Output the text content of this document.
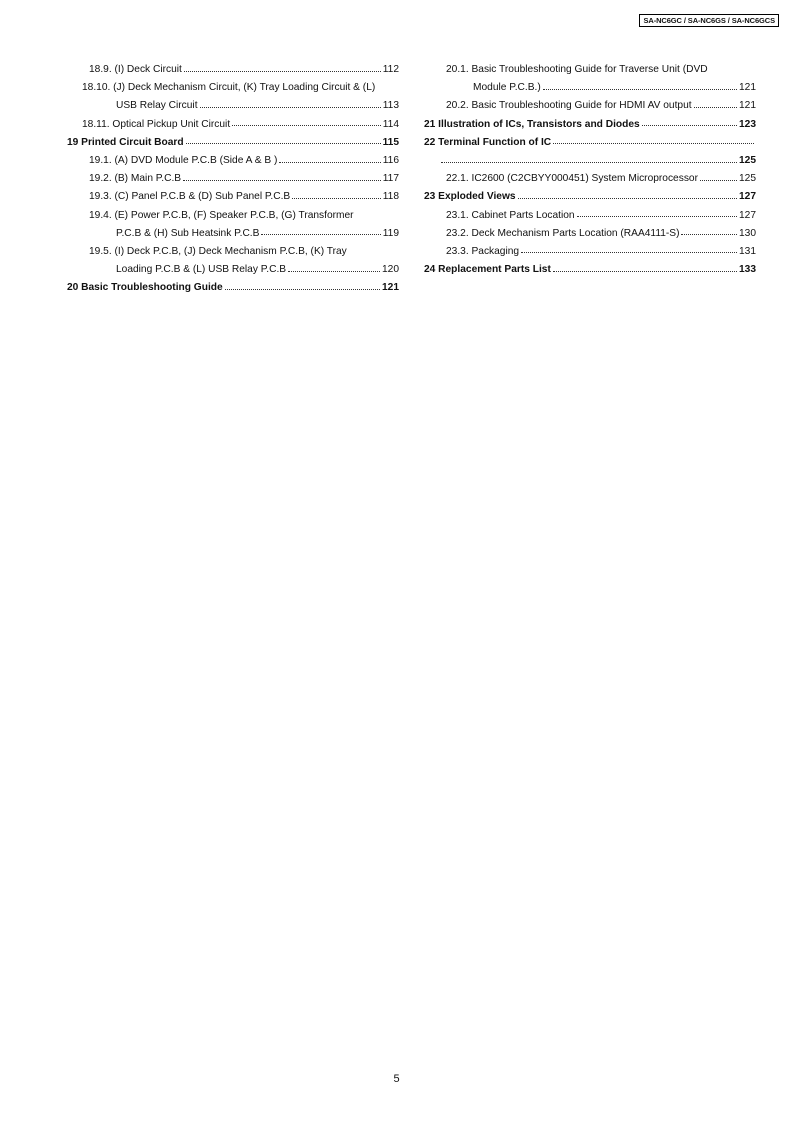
SA-NC6GC / SA-NC6GS / SA-NC6GCS
18.9. (I) Deck Circuit	112
18.10. (J) Deck Mechanism Circuit, (K) Tray Loading Circuit & (L)
USB Relay Circuit	113
18.11. Optical Pickup Unit Circuit	114
19 Printed Circuit Board	115
19.1. (A) DVD Module P.C.B (Side A & B )	116
19.2. (B) Main P.C.B	117
19.3. (C) Panel P.C.B & (D) Sub Panel P.C.B	118
19.4. (E) Power P.C.B, (F) Speaker P.C.B, (G) Transformer
P.C.B & (H) Sub Heatsink P.C.B	119
19.5. (I) Deck P.C.B, (J) Deck Mechanism P.C.B, (K) Tray
Loading P.C.B & (L) USB Relay P.C.B	120
20 Basic Troubleshooting Guide	121
20.1. Basic Troubleshooting Guide for Traverse Unit (DVD
Module P.C.B.)	121
20.2. Basic Troubleshooting Guide for HDMI AV output	121
21 Illustration of ICs, Transistors and Diodes	123
22 Terminal Function of IC
125
22.1. IC2600 (C2CBYY000451) System Microprocessor	125
23 Exploded Views	127
23.1. Cabinet Parts Location	127
23.2. Deck Mechanism Parts Location (RAA4111-S)	130
23.3. Packaging	131
24 Replacement Parts List	133
5
